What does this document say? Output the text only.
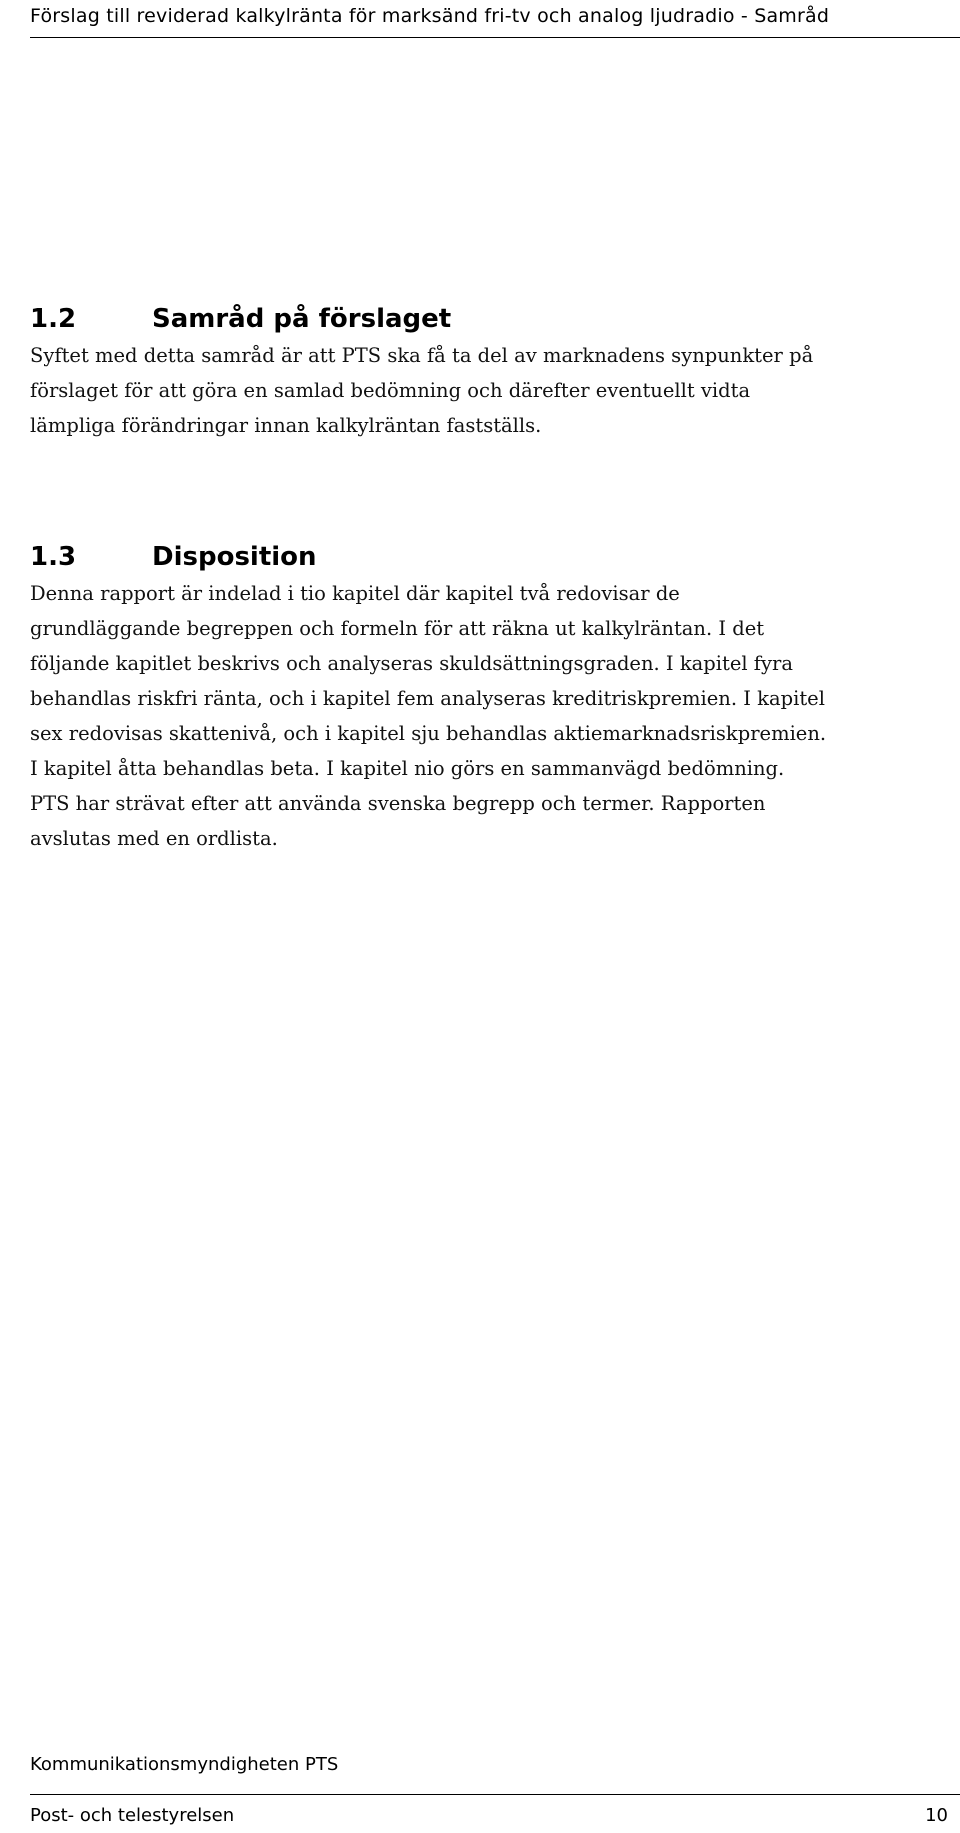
Förslag till reviderad kalkylränta för marksänd fri-tv och analog ljudradio - Samråd
1.2	Samråd på förslaget

Syftet med detta samråd är att PTS ska få ta del av marknadens synpunkter på
förslaget för att göra en samlad bedömning och därefter eventuellt vidta
lämpliga förändringar innan kalkylräntan fastställs.

1.3	Disposition

Denna rapport är indelad i tio kapitel där kapitel två redovisar de
grundläggande begreppen och formeln för att räkna ut kalkylräntan. I det
följande kapitlet beskrivs och analyseras skuldsättningsgraden. I kapitel fyra
behandlas riskfri ränta, och i kapitel fem analyseras kreditriskpremien. I kapitel
sex redovisas skattenivå, och i kapitel sju behandlas aktiemarknadsriskpremien.
I kapitel åtta behandlas beta. I kapitel nio görs en sammanvägd bedömning.
PTS har strävat efter att använda svenska begrepp och termer. Rapporten
avslutas med en ordlista.

Kommunikationsmyndigheten PTS
Post- och telestyrelsen	10
